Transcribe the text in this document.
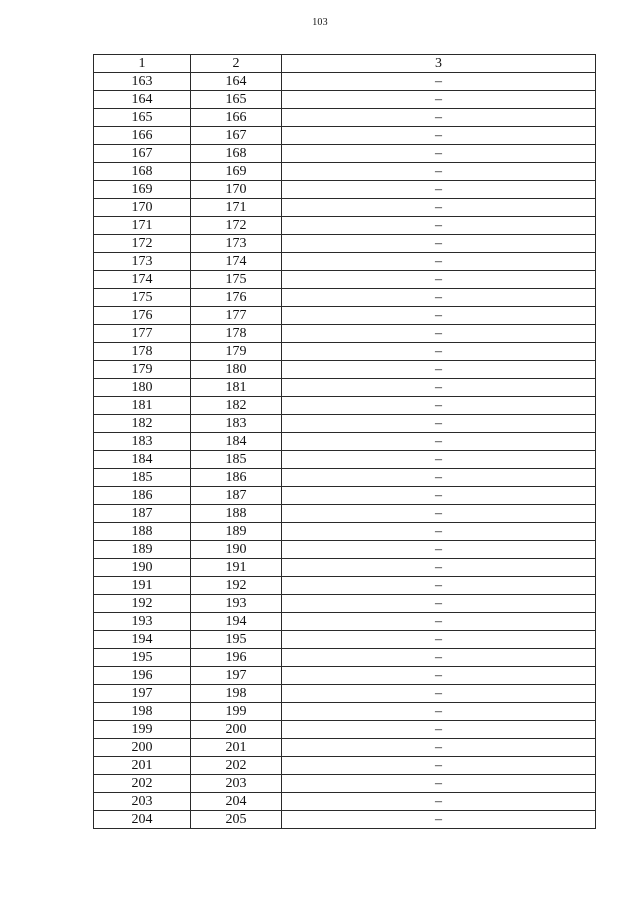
103
1	2	3
163	164	–
164	165	–
165	166	–
166	167	–
167	168	–
168	169	–
169	170	–
170	171	–
171	172	–
172	173	–
173	174	–
174	175	–
175	176	–
176	177	–
177	178	–
178	179	–
179	180	–
180	181	–
181	182	–
182	183	–
183	184	–
184	185	–
185	186	–
186	187	–
187	188	–
188	189	–
189	190	–
190	191	–
191	192	–
192	193	–
193	194	–
194	195	–
195	196	–
196	197	–
197	198	–
198	199	–
199	200	–
200	201	–
201	202	–
202	203	–
203	204	–
204	205	–
